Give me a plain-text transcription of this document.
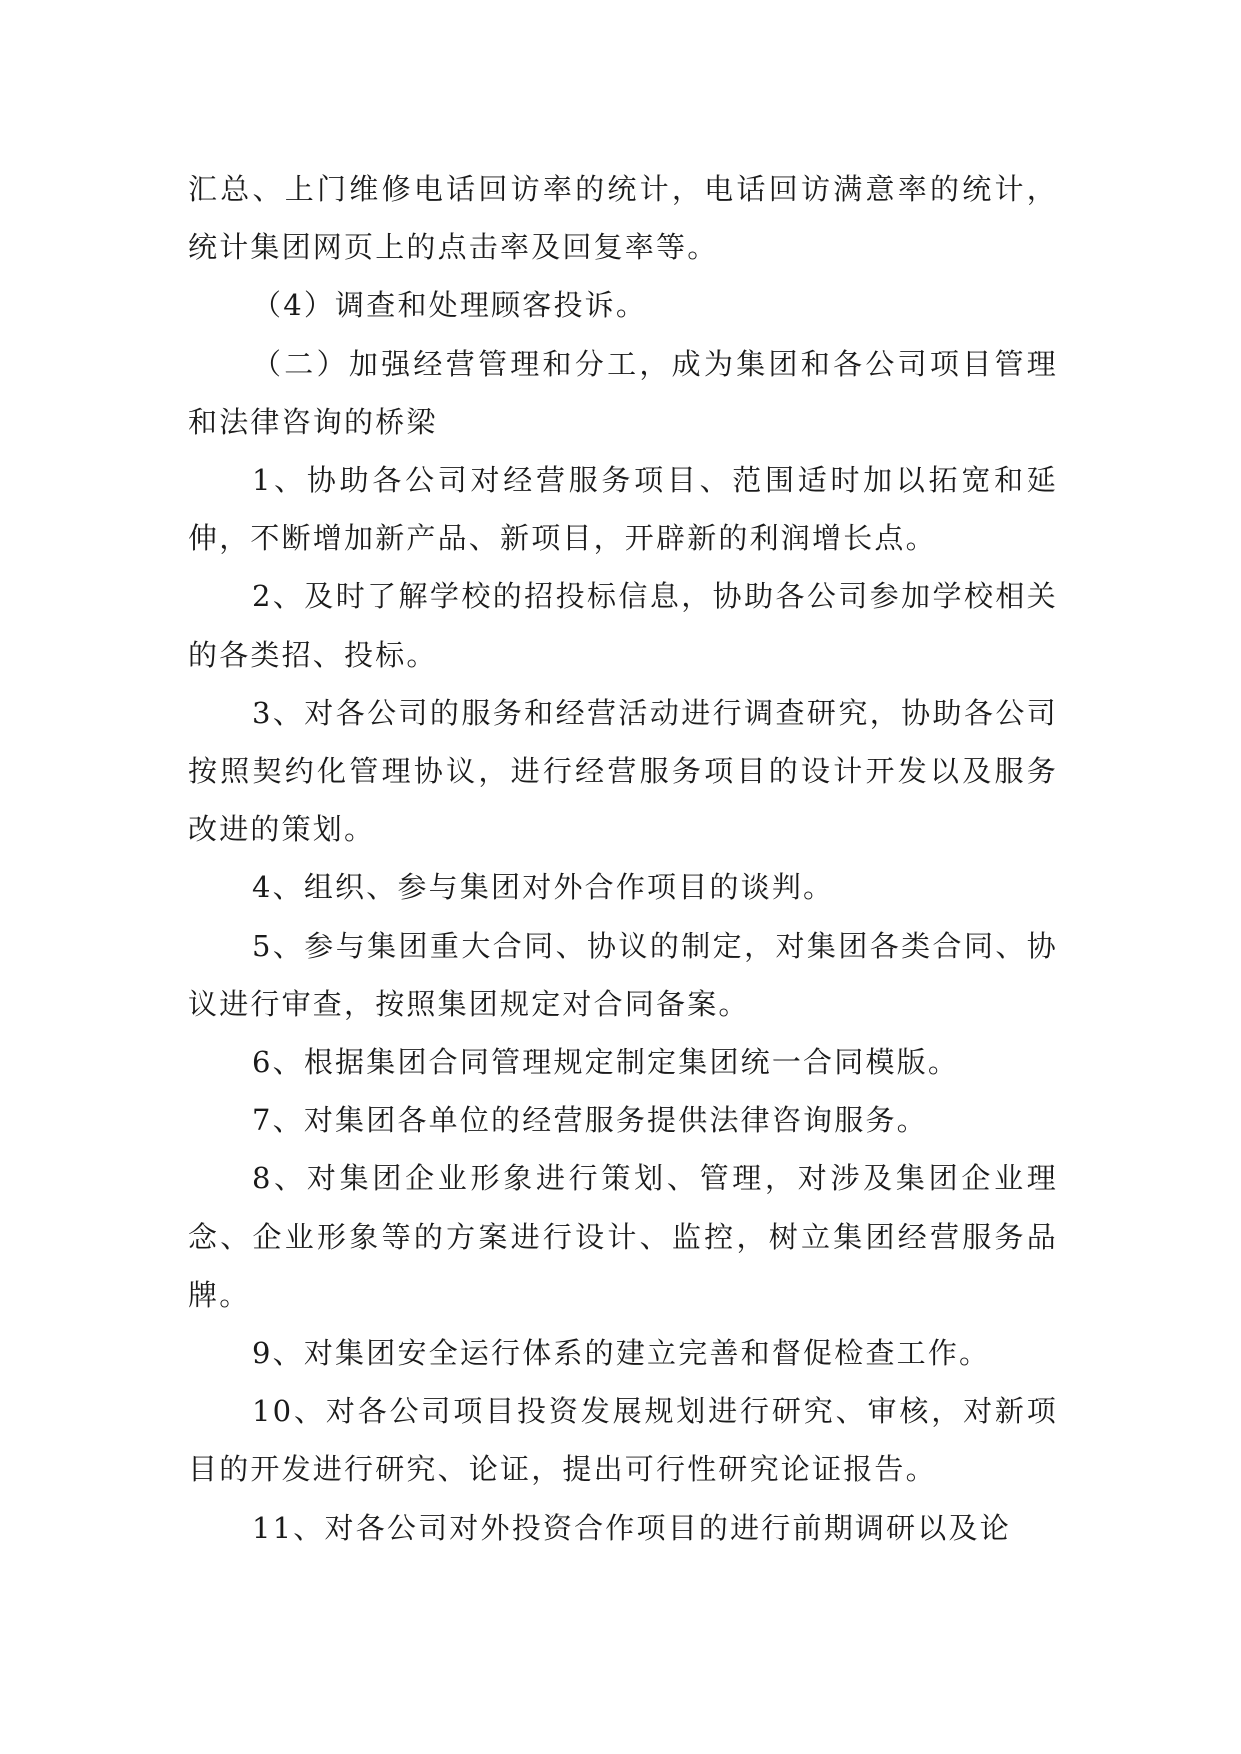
汇总、上门维修电话回访率的统计，电话回访满意率的统计，统计集团网页上的点击率及回复率等。

（4）调查和处理顾客投诉。

（二）加强经营管理和分工，成为集团和各公司项目管理和法律咨询的桥梁

1、协助各公司对经营服务项目、范围适时加以拓宽和延伸，不断增加新产品、新项目，开辟新的利润增长点。

2、及时了解学校的招投标信息，协助各公司参加学校相关的各类招、投标。

3、对各公司的服务和经营活动进行调查研究，协助各公司按照契约化管理协议，进行经营服务项目的设计开发以及服务改进的策划。

4、组织、参与集团对外合作项目的谈判。

5、参与集团重大合同、协议的制定，对集团各类合同、协议进行审查，按照集团规定对合同备案。

6、根据集团合同管理规定制定集团统一合同模版。

7、对集团各单位的经营服务提供法律咨询服务。

8、对集团企业形象进行策划、管理，对涉及集团企业理念、企业形象等的方案进行设计、监控，树立集团经营服务品牌。

9、对集团安全运行体系的建立完善和督促检查工作。

10、对各公司项目投资发展规划进行研究、审核，对新项目的开发进行研究、论证，提出可行性研究论证报告。

11、对各公司对外投资合作项目的进行前期调研以及论
